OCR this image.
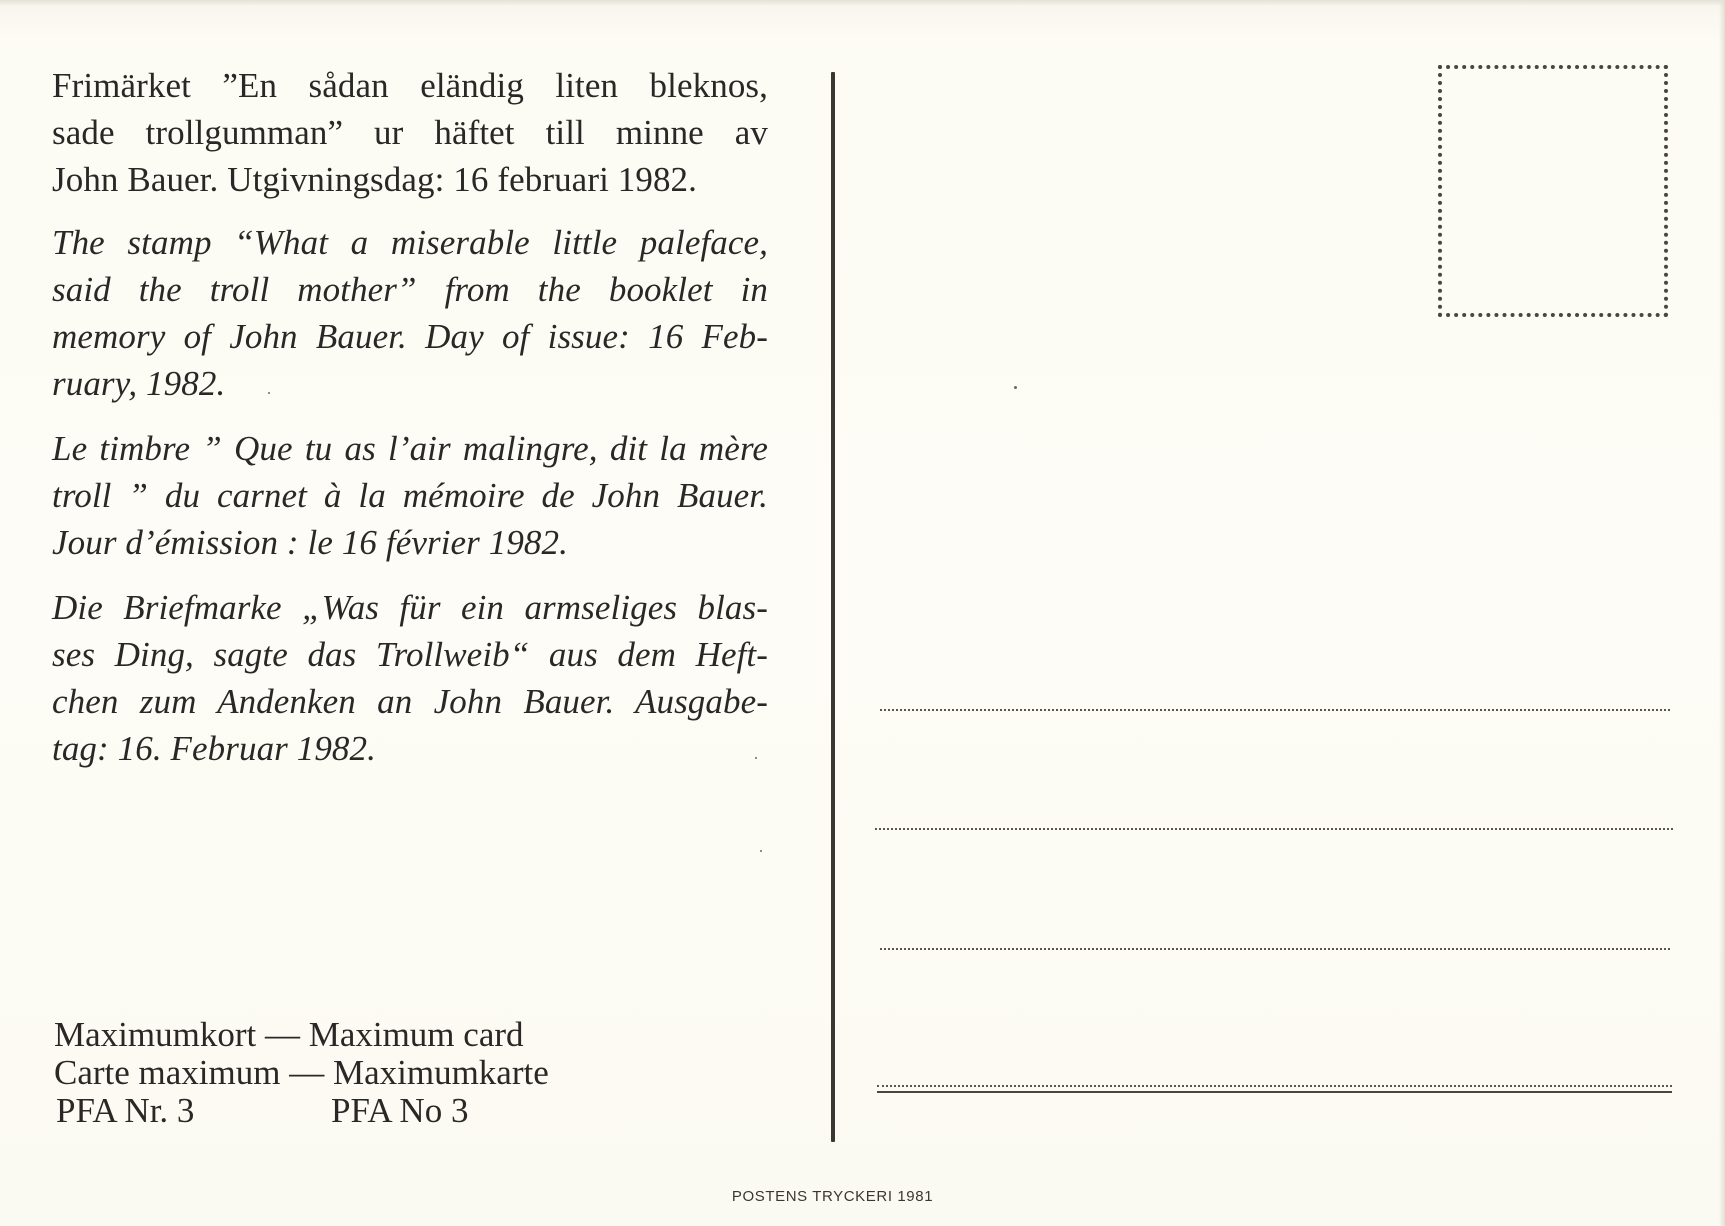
Frimärket ”En sådan eländig liten bleknos,
sade trollgumman” ur häftet till minne av
John Bauer. Utgivningsdag: 16 februari 1982.

The stamp “What a miserable little paleface,
said the troll mother” from the booklet in
memory of John Bauer. Day of issue: 16 Feb-
ruary, 1982.

Le timbre ” Que tu as l’air malingre, dit la mère
troll ” du carnet à la mémoire de John Bauer.
Jour d’émission : le 16 février 1982.

Die Briefmarke „Was für ein armseliges blas-
ses Ding, sagte das Trollweib“ aus dem Heft-
chen zum Andenken an John Bauer. Ausgabe-
tag: 16. Februar 1982.

Maximumkort — Maximum card
Carte maximum — Maximumkarte
PFA Nr. 3	PFA No 3
POSTENS TRYCKERI 1981
